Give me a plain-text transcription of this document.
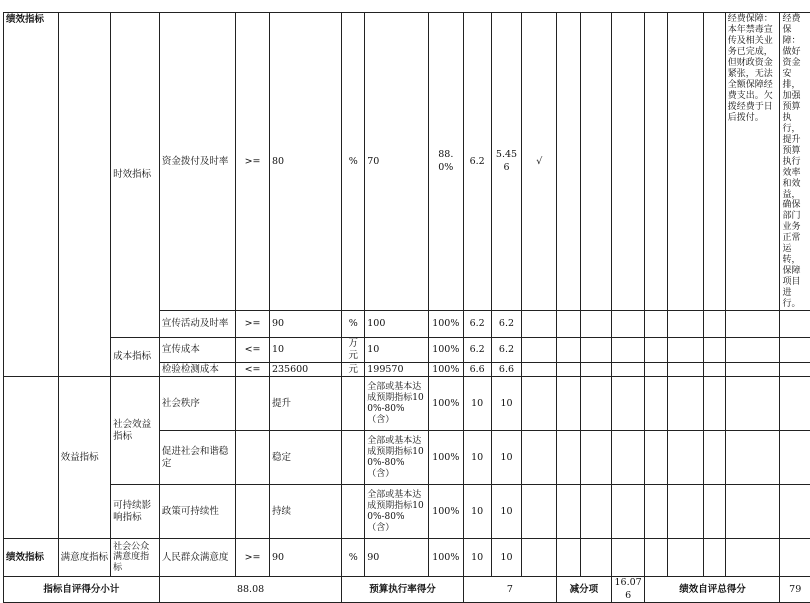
绩效指标		时效指标	资金拨付及时率	>=	80	%	70	88.0%	6.2	5.456	√							经费保障：本年禁毒宣传及相关业务已完成，但财政资金紧张，无法全额保障经费支出。欠拨经费于日后拨付。	经费保障：做好资金安排，加强预算执行，提升预算执行效率和效益，确保部门业务正常运转，保障项目进行。
			宣传活动及时率	>=	90	%	100	100%	6.2	6.2									
		成本指标	宣传成本	<=	10	万元	10	100%	6.2	6.2									
			检验检测成本	<=	235600	元	199570	100%	6.6	6.6									
	效益指标	社会效益指标	社会秩序		提升		全部或基本达成预期指标100%-80%（含）	100%	10	10									
			促进社会和谐稳定		稳定		全部或基本达成预期指标100%-80%（含）	100%	10	10									
		可持续影响指标	政策可持续性		持续		全部或基本达成预期指标100%-80%（含）	100%	10	10									
绩效指标	满意度指标	社会公众满意度指标	人民群众满意度	>=	90	%	90	100%	10	10									
指标自评得分小计			88.08			预算执行率得分			7			减分项		16.076	绩效自评总得分				79
